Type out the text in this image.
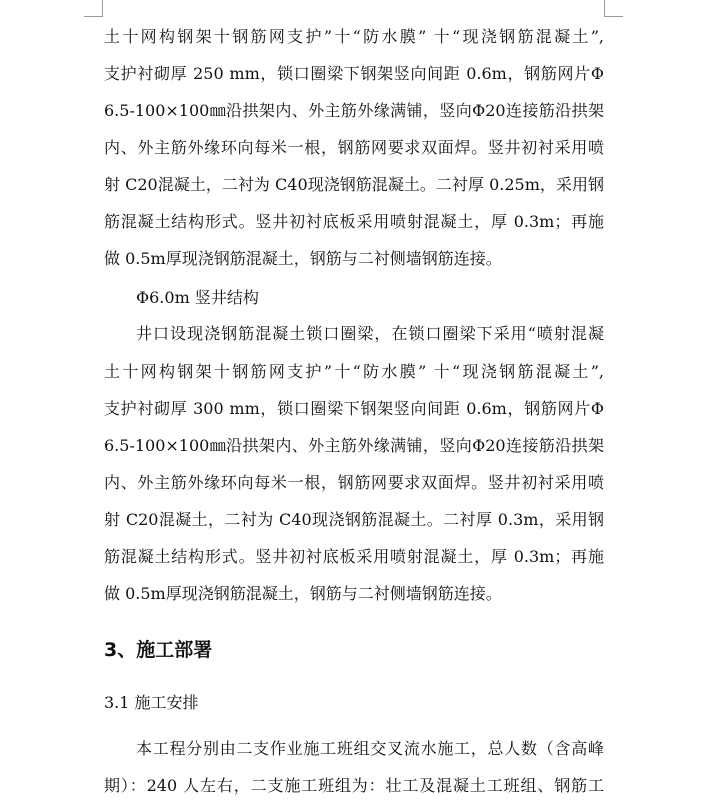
土十网构钢架十钢筋网支护”十“防水膜” 十“现浇钢筋混凝土”,
支护衬砌厚 250 mm，锁口圈梁下钢架竖向间距 0.6m，钢筋网片Φ
6.5-100×100㎜沿拱架内、外主筋外缘满铺，竖向Φ20连接筋沿拱架
内、外主筋外缘环向每米一根，钢筋网要求双面焊。竖井初衬采用喷
射 C20混凝土，二衬为 C40现浇钢筋混凝土。二衬厚 0.25m，采用钢
筋混凝土结构形式。竖井初衬底板采用喷射混凝土，厚 0.3m；再施
做 0.5m厚现浇钢筋混凝土，钢筋与二衬侧墙钢筋连接。
Φ6.0m 竖井结构
井口设现浇钢筋混凝土锁口圈梁，在锁口圈梁下采用“喷射混凝
土十网构钢架十钢筋网支护”十“防水膜” 十“现浇钢筋混凝土”,
支护衬砌厚 300 mm，锁口圈梁下钢架竖向间距 0.6m，钢筋网片Φ
6.5-100×100㎜沿拱架内、外主筋外缘满铺，竖向Φ20连接筋沿拱架
内、外主筋外缘环向每米一根，钢筋网要求双面焊。竖井初衬采用喷
射 C20混凝土，二衬为 C40现浇钢筋混凝土。二衬厚 0.3m，采用钢
筋混凝土结构形式。竖井初衬底板采用喷射混凝土，厚 0.3m；再施
做 0.5m厚现浇钢筋混凝土，钢筋与二衬侧墙钢筋连接。
3、施工部署
3.1 施工安排
本工程分别由二支作业施工班组交叉流水施工，总人数（含高峰
期）：240 人左右，二支施工班组为：壮工及混凝土工班组、钢筋工
